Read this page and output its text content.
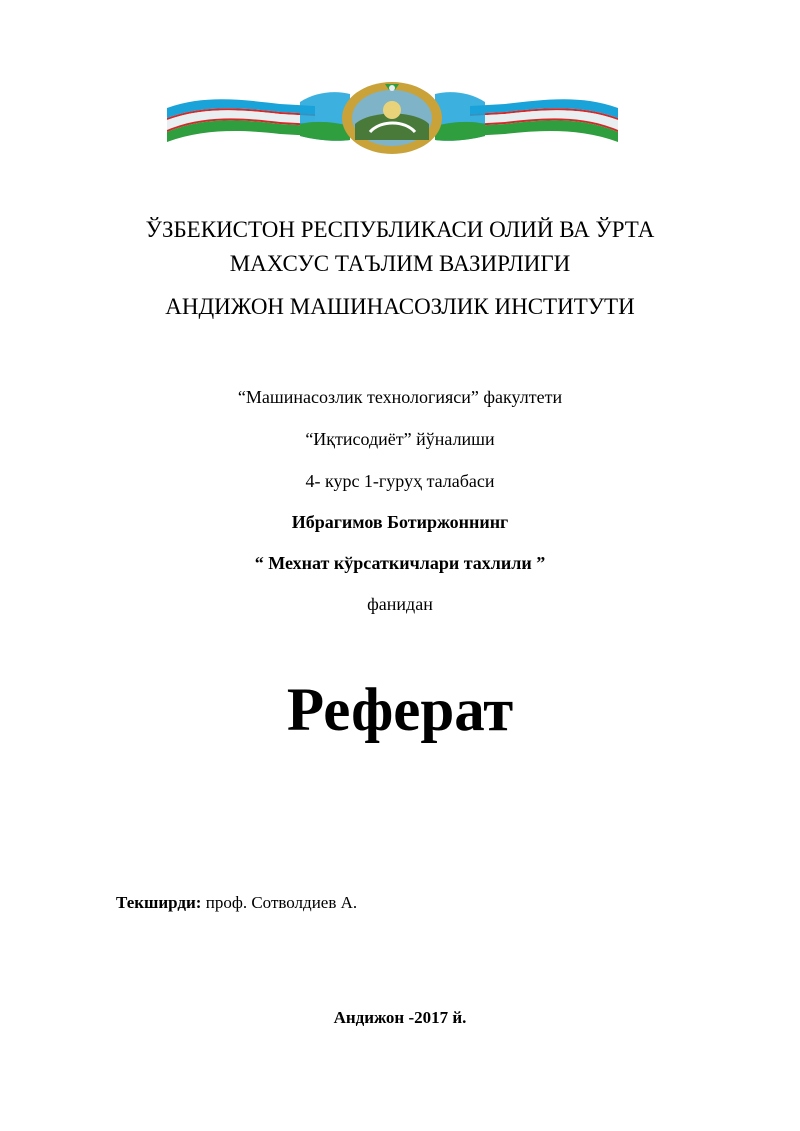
ЎЗБЕКИСТОН РЕСПУБЛИКАСИ ОЛИЙ ВА ЎРТА
МАХСУС ТАЪЛИМ ВАЗИРЛИГИ
АНДИЖОН МАШИНАСОЗЛИК ИНСТИТУТИ
“Машинасозлик технологияси” факултети
“Иқтисодиёт” йўналиши
4- курс 1-гуруҳ талабаси
Ибрагимов Ботиржоннинг
“ Мехнат кўрсаткичлари тахлили ”
фанидан
Реферат
Текширди: проф. Сотволдиев А.
Андижон -2017 й.
